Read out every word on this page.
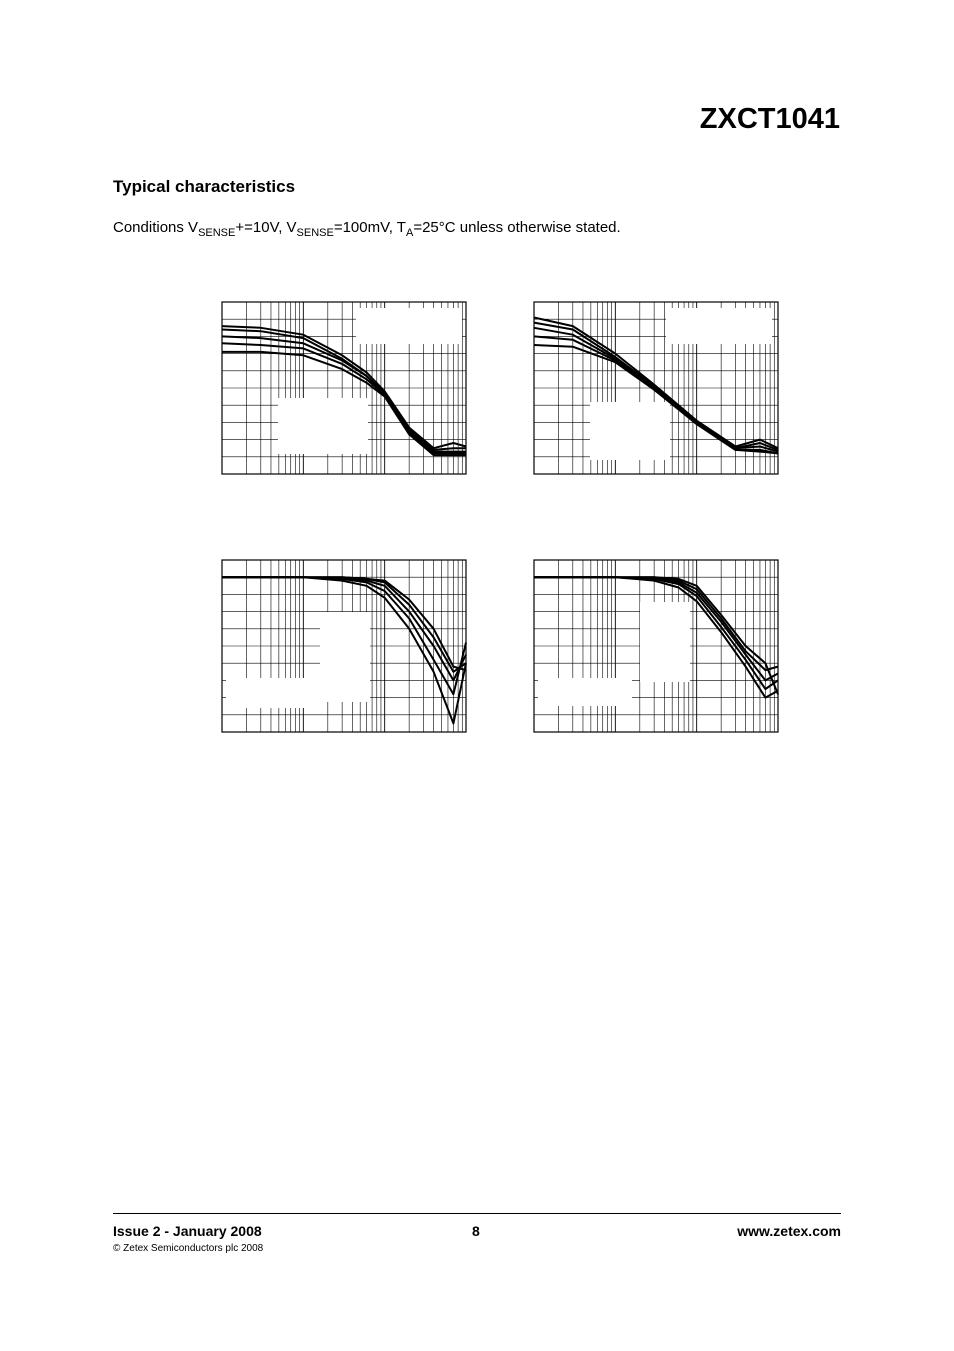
ZXCT1041
Typical characteristics
Conditions $V_{SENSE}+=10V$, $V_{SENSE}=100mV$, $T_A=25^\circ C$ unless otherwise stated.
Issue 2 - January 2008	8	www.zetex.com
© Zetex Semiconductors plc 2008
